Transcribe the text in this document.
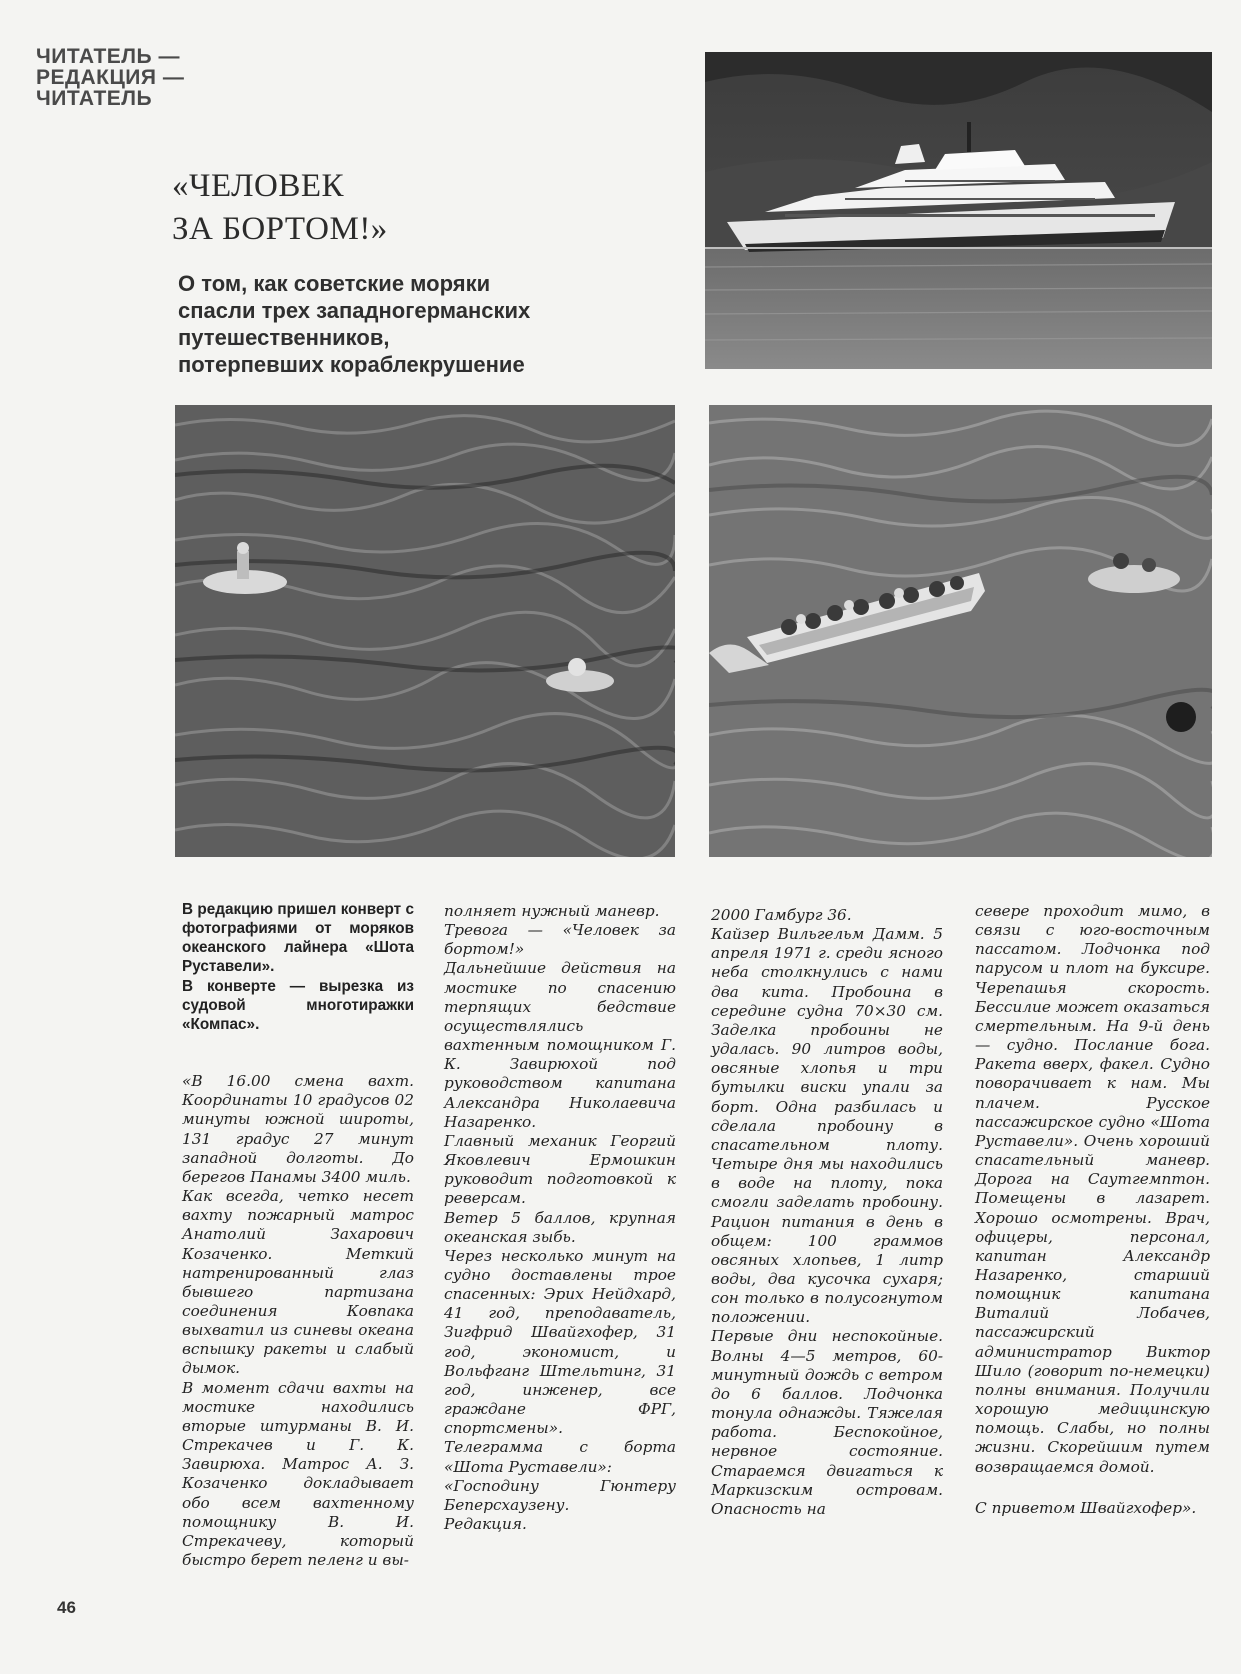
ЧИТАТЕЛЬ —
РЕДАКЦИЯ —
ЧИТАТЕЛЬ
«ЧЕЛОВЕК
ЗА БОРТОМ!»
О том, как советские моряки
спасли трех западногерманских
путешественников,
потерпевших кораблекрушение

В редакцию пришел конверт с фотографиями от моряков океанского лайнера «Шота Руставели».

В конверте — вырезка из судовой многотиражки «Компас».

«В 16.00 смена вахт. Координаты 10 градусов 02 минуты южной широты, 131 градус 27 минут западной долготы. До берегов Панамы 3400 миль.

Как всегда, четко несет вахту пожарный матрос Анатолий Захарович Козаченко. Меткий натренированный глаз бывшего партизана соединения Ковпака выхватил из синевы океана вспышку ракеты и слабый дымок.

В момент сдачи вахты на мостике находились вторые штурманы В. И. Стрекачев и Г. К. Завирюха. Матрос А. З. Козаченко докладывает обо всем вахтенному помощнику В. И. Стрекачеву, который быстро берет пеленг и вы-

полняет нужный маневр.

Тревога — «Человек за бортом!»

Дальнейшие действия на мостике по спасению терпящих бедствие осуществлялись вахтенным помощником Г. К. Завирюхой под руководством капитана Александра Николаевича Назаренко.

Главный механик Георгий Яковлевич Ермошкин руководит подготовкой к реверсам.

Ветер 5 баллов, крупная океанская зыбь.

Через несколько минут на судно доставлены трое спасенных: Эрих Нейдхард, 41 год, преподаватель, Зигфрид Швайгхофер, 31 год, экономист, и Вольфганг Штельтинг, 31 год, инженер, все граждане ФРГ, спортсмены».

Телеграмма с борта «Шота Руставели»:

«Господину Гюнтеру Беперсхаузену.

Редакция.

2000 Гамбург 36.

Кайзер Вильгельм Дамм. 5 апреля 1971 г. среди ясного неба столкнулись с нами два кита. Пробоина в середине судна 70×30 см. Заделка пробоины не удалась. 90 литров воды, овсяные хлопья и три бутылки виски упали за борт. Одна разбилась и сделала пробоину в спасательном плоту. Четыре дня мы находились в воде на плоту, пока смогли заделать пробоину. Рацион питания в день в общем: 100 граммов овсяных хлопьев, 1 литр воды, два кусочка сухаря; сон только в полусогнутом положении.

Первые дни неспокойные. Волны 4—5 метров, 60-минутный дождь с ветром до 6 баллов. Лодчонка тонула однажды. Тяжелая работа. Беспокойное, нервное состояние. Стараемся двигаться к Маркизским островам. Опасность на

севере проходит мимо, в связи с юго-восточным пассатом. Лодчонка под парусом и плот на буксире. Черепашья скорость. Бессилие может оказаться смертельным. На 9-й день — судно. Послание бога. Ракета вверх, факел. Судно поворачивает к нам. Мы плачем. Русское пассажирское судно «Шота Руставели». Очень хороший спасательный маневр. Дорога на Саутгемптон. Помещены в лазарет. Хорошо осмотрены. Врач, офицеры, персонал, капитан Александр Назаренко, старший помощник капитана Виталий Лобачев, пассажирский администратор Виктор Шило (говорит по-немецки) полны внимания. Получили хорошую медицинскую помощь. Слабы, но полны жизни. Скорейшим путем возвращаемся домой.

С приветом Швайгхофер».

46
